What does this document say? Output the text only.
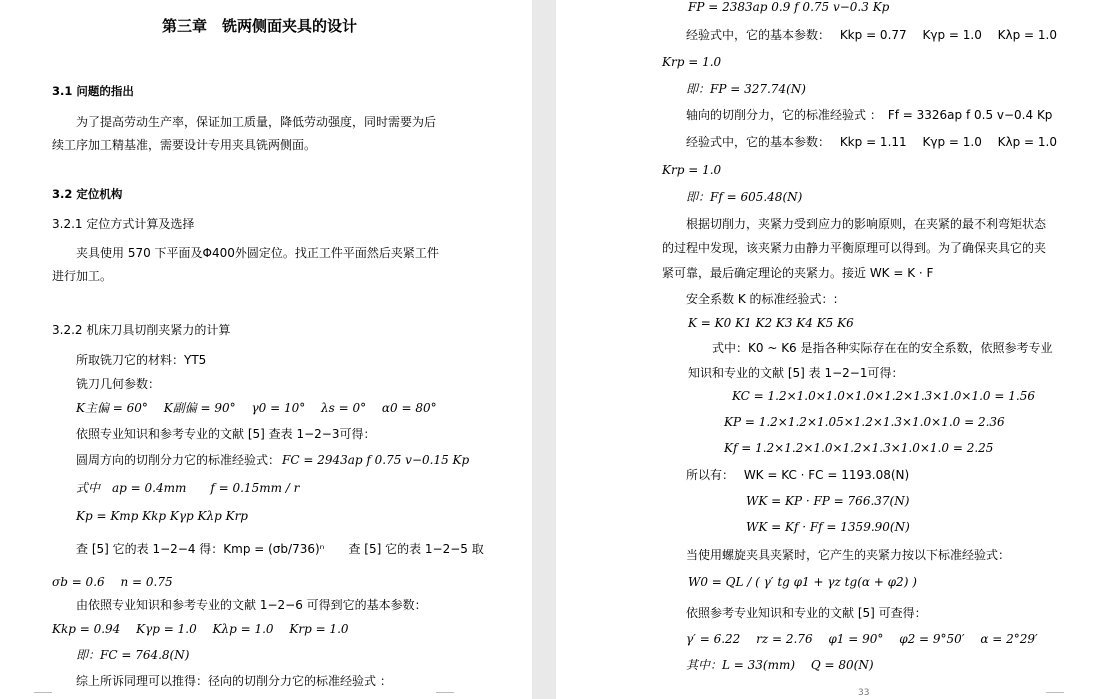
第三章　铣两侧面夹具的设计
3.1 问题的指出
为了提高劳动生产率，保证加工质量，降低劳动强度，同时需要为后
续工序加工精基准，需要设计专用夹具铣两侧面。
3.2 定位机构
3.2.1 定位方式计算及选择
夹具使用 570 下平面及Φ400外圆定位。找正工件平面然后夹紧工件
进行加工。
3.2.2 机床刀具切削夹紧力的计算
所取铣刀它的材料：YT5
铣刀几何参数：
K主偏 = 60°　 K副偏 = 90°　 γ0 = 10°　 λs = 0°　 α0 = 80°
依照专业知识和参考专业的文献 [5] 查表 1−2−3可得：
圆周方向的切削分力它的标准经验式： FC = 2943ap f 0.75 v−0.15 Kp
式中　ap = 0.4mm　　f = 0.15mm / r
Kp = Kmp Kkp Kγp Kλp Krp
查 [5] 它的表 1−2−4 得：Kmp = (σb/736)ⁿ　　查 [5] 它的表 1−2−5 取
σb = 0.6　 n = 0.75
由依照专业知识和参考专业的文献 1−2−6 可得到它的基本参数：
Kkp = 0.94　 Kγp = 1.0　 Kλp = 1.0　 Krp = 1.0
即：FC = 764.8(N)
综上所诉同理可以推得：径向的切削分力它的标准经验式 ：
FP = 2383ap 0.9 f 0.75 v−0.3 Kp
经验式中，它的基本参数：　 Kkp = 0.77　 Kγp = 1.0　 Kλp = 1.0
Krp = 1.0
即：FP = 327.74(N)
轴向的切削分力，它的标准经验式 ：　Ff = 3326ap f 0.5 v−0.4 Kp
经验式中，它的基本参数：　 Kkp = 1.11　 Kγp = 1.0　 Kλp = 1.0
Krp = 1.0
即：Ff = 605.48(N)
根据切削力，夹紧力受到应力的影响原则，在夹紧的最不利弯矩状态
的过程中发现，该夹紧力由静力平衡原理可以得到。为了确保夹具它的夹
紧可靠，最后确定理论的夹紧力。接近 WK = K · F
安全系数 K 的标准经验式：:
K = K0 K1 K2 K3 K4 K5 K6
式中：K0 ~ K6 是指各种实际存在在的安全系数，依照参考专业
知识和专业的文献 [5] 表 1−2−1可得：
KC = 1.2×1.0×1.0×1.0×1.2×1.3×1.0×1.0 = 1.56
KP = 1.2×1.2×1.05×1.2×1.3×1.0×1.0 = 2.36
Kf = 1.2×1.2×1.0×1.2×1.3×1.0×1.0 = 2.25
所以有：　 WK = KC · FC = 1193.08(N)
WK = KP · FP = 766.37(N)
WK = Kf · Ff = 1359.90(N)
当使用螺旋夹具夹紧时，它产生的夹紧力按以下标准经验式：
W0 = QL / ( γ′ tg φ1 + γz tg(α + φ2) )
依照参考专业知识和专业的文献 [5] 可查得：
γ′ = 6.22　 rz = 2.76　 φ1 = 90°　 φ2 = 9°50′　 α = 2°29′
其中：L = 33(mm)　 Q = 80(N)
33
